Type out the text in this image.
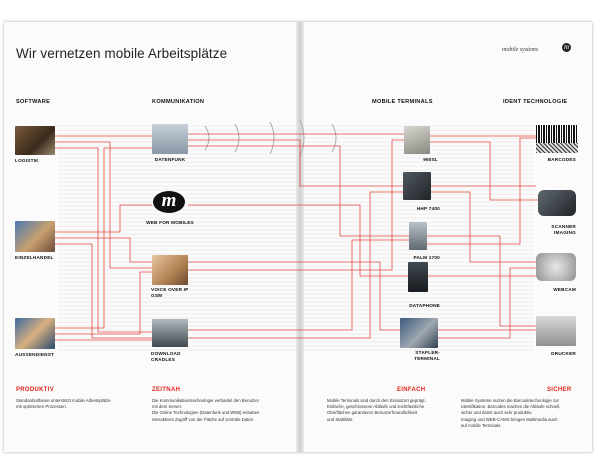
Wir vernetzen mobile Arbeitsplätze	mobile systems	m
SOFTWARE	KOMMUNIKATION	MOBILE TERMINALS	IDENT TECHNOLOGIE
LOGISTIK
EINZELHANDEL
AUSSENDIENST
DATENFUNK
m
WEB FOR MOBILES
VOICE OVER IP
GSM
DOWNLOAD
CRADLES
960SL
HHP 7400
PALM 1700
DATAPHONE
STAPLER-
TERMINAL
BARCODES
SCANNER
IMAGING
WEBCAM
DRUCKER
PRODUKTIV
Standardsoftware unterstützt mobile Arbeitsplätze
mit optimierten Prozessen.
ZEITNAH
Die Kommunikationstechnologie verbindet den Benutzer
mit dem Server.
Die Online Technologien (Datenfunk und WEB) erlauben
interaktiven Zugriff von der Fläche auf zentrale Daten.
EINFACH
Mobile Terminals sind durch den Einsatzort geprägt.
Einfache, geschlossene Abläufe und leichtfassliche
Oberflächen garantieren Benutzerfreundlichkeit
und Stabilität.
SICHER
Mobile Systeme nutzen die Barcodetechnologie zur
Identifikation. Barcodes machen die Abläufe schnell,
sicher und damit auch sehr produktiv.
Imaging und WEB-CAMS bringen Multimedia auch
auf mobile Terminals.
